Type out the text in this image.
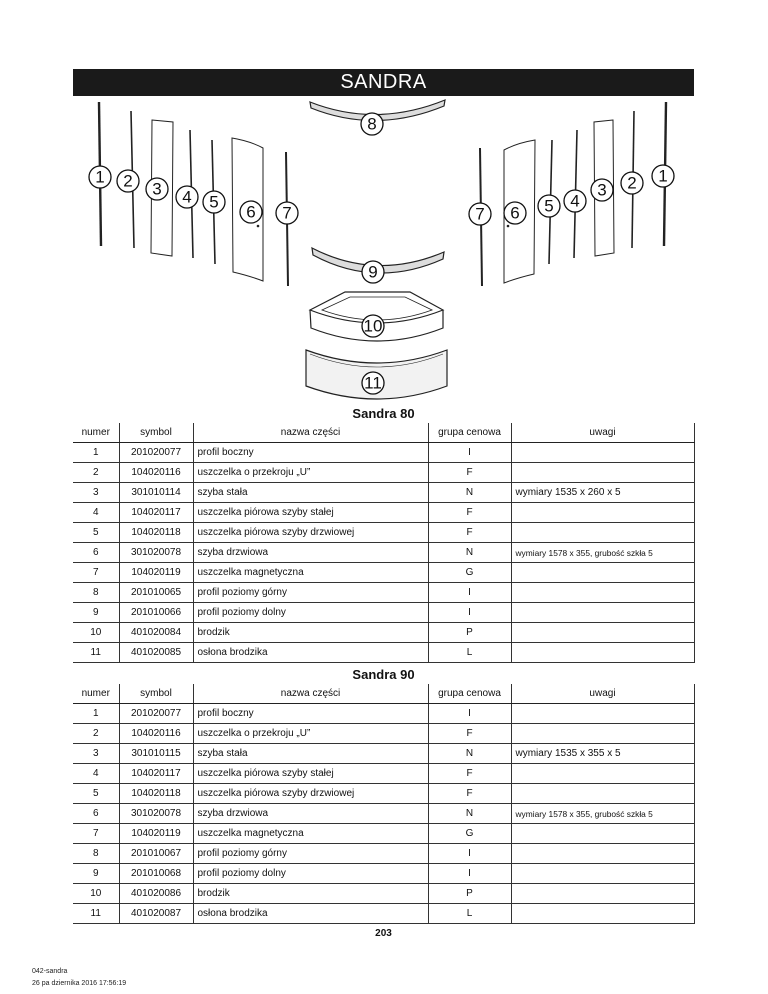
SANDRA
1 2 3 4 5
6 7
8
7 6 5 4
3 2 1
9
10
11
Sandra 80
numer	symbol	nazwa części	grupa cenowa	uwagi
1	201020077	profil boczny	I	
2	104020116	uszczelka o przekroju „U”	F	
3	301010114	szyba stała	N	wymiary 1535 x 260 x 5
4	104020117	uszczelka piórowa szyby stałej	F	
5	104020118	uszczelka piórowa szyby drzwiowej	F	
6	301020078	szyba drzwiowa	N	wymiary 1578 x 355, grubość szkła 5
7	104020119	uszczelka magnetyczna	G	
8	201010065	profil poziomy górny	I	
9	201010066	profil poziomy dolny	I	
10	401020084	brodzik	P	
11	401020085	osłona brodzika	L	
Sandra 90
numer	symbol	nazwa części	grupa cenowa	uwagi
1	201020077	profil boczny	I	
2	104020116	uszczelka o przekroju „U”	F	
3	301010115	szyba stała	N	wymiary 1535 x 355 x 5
4	104020117	uszczelka piórowa szyby stałej	F	
5	104020118	uszczelka piórowa szyby drzwiowej	F	
6	301020078	szyba drzwiowa	N	wymiary 1578 x 355, grubość szkła 5
7	104020119	uszczelka magnetyczna	G	
8	201010067	profil poziomy górny	I	
9	201010068	profil poziomy dolny	I	
10	401020086	brodzik	P	
11	401020087	osłona brodzika	L	
203
042-sandra
26 pa dziernika 2016 17:56:19
